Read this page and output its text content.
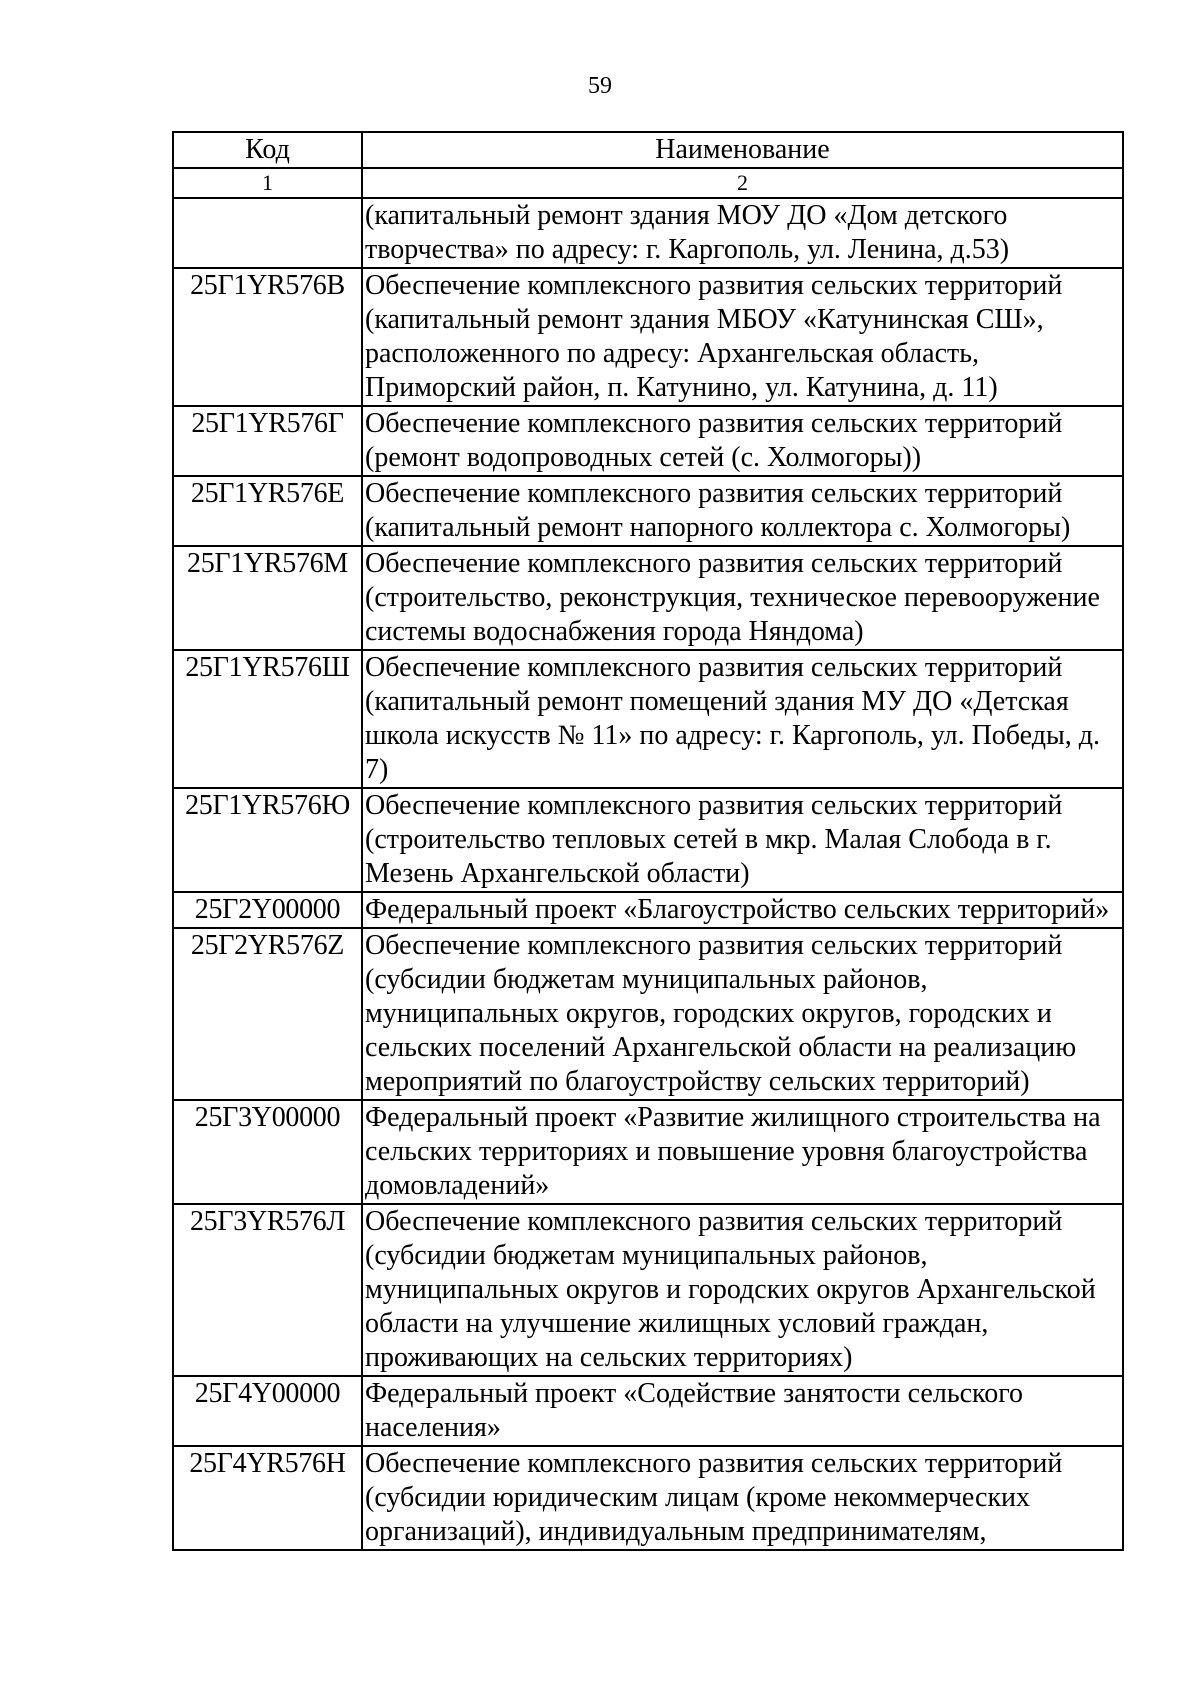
59
Код	Наименование
1	2
	(капитальный ремонт здания МОУ ДО «Дом детского творчества» по адресу: г. Каргополь, ул. Ленина, д.53)
25Г1YR576B	Обеспечение комплексного развития сельских территорий (капитальный ремонт здания МБОУ «Катунинская СШ», расположенного по адресу: Архангельская область, Приморский район, п. Катунино, ул. Катунина, д. 11)
25Г1YR576Г	Обеспечение комплексного развития сельских территорий (ремонт водопроводных сетей (с. Холмогоры))
25Г1YR576E	Обеспечение комплексного развития сельских территорий (капитальный ремонт напорного коллектора с. Холмогоры)
25Г1YR576M	Обеспечение комплексного развития сельских территорий (строительство, реконструкция, техническое перевооружение системы водоснабжения города Няндома)
25Г1YR576Ш	Обеспечение комплексного развития сельских территорий (капитальный ремонт помещений здания МУ ДО «Детская школа искусств № 11» по адресу: г. Каргополь, ул. Победы, д. 7)
25Г1YR576Ю	Обеспечение комплексного развития сельских территорий (строительство тепловых сетей в мкр. Малая Слобода в г. Мезень Архангельской области)
25Г2Y00000	Федеральный проект «Благоустройство сельских территорий»
25Г2YR576Z	Обеспечение комплексного развития сельских территорий (субсидии бюджетам муниципальных районов, муниципальных округов, городских округов, городских и сельских поселений Архангельской области на реализацию мероприятий по благоустройству сельских территорий)
25Г3Y00000	Федеральный проект «Развитие жилищного строительства на сельских территориях и повышение уровня благоустройства домовладений»
25Г3YR576Л	Обеспечение комплексного развития сельских территорий (субсидии бюджетам муниципальных районов, муниципальных округов и городских округов Архангельской области на улучшение жилищных условий граждан, проживающих на сельских территориях)
25Г4Y00000	Федеральный проект «Содействие занятости сельского населения»
25Г4YR576H	Обеспечение комплексного развития сельских территорий (субсидии юридическим лицам (кроме некоммерческих организаций), индивидуальным предпринимателям,
